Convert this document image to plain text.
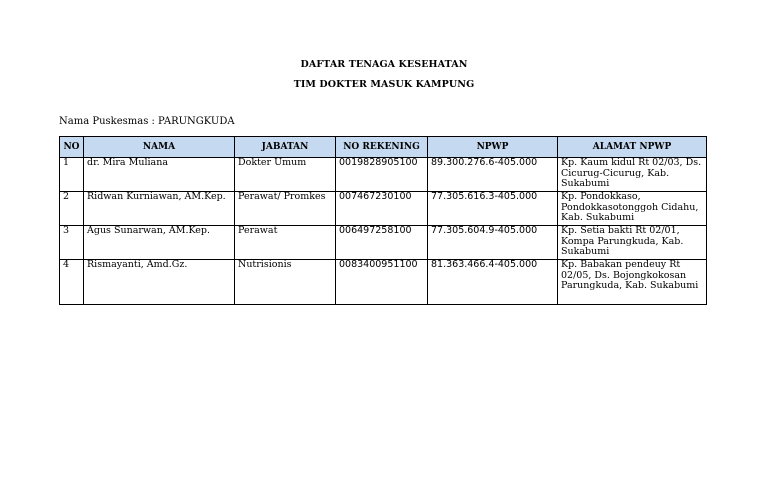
DAFTAR TENAGA KESEHATAN
TIM DOKTER MASUK KAMPUNG
Nama Puskesmas : PARUNGKUDA
NO	NAMA	JABATAN	NO REKENING	NPWP	ALAMAT NPWP
1	dr. Mira Muliana	Dokter Umum	0019828905100	89.300.276.6-405.000	Kp. Kaum kidul Rt 02/03, Ds. Cicurug-Cicurug, Kab. Sukabumi
2	Ridwan Kurniawan, AM.Kep.	Perawat/ Promkes	007467230100	77.305.616.3-405.000	Kp. Pondokkaso, Pondokkasotonggoh Cidahu, Kab. Sukabumi
3	Agus Sunarwan, AM.Kep.	Perawat	006497258100	77.305.604.9-405.000	Kp. Setia bakti Rt 02/01, Kompa Parungkuda, Kab. Sukabumi
4	Rismayanti, Amd.Gz.	Nutrisionis	0083400951100	81.363.466.4-405.000	Kp. Babakan pendeuy Rt 02/05, Ds. Bojongkokosan Parungkuda, Kab. Sukabumi
